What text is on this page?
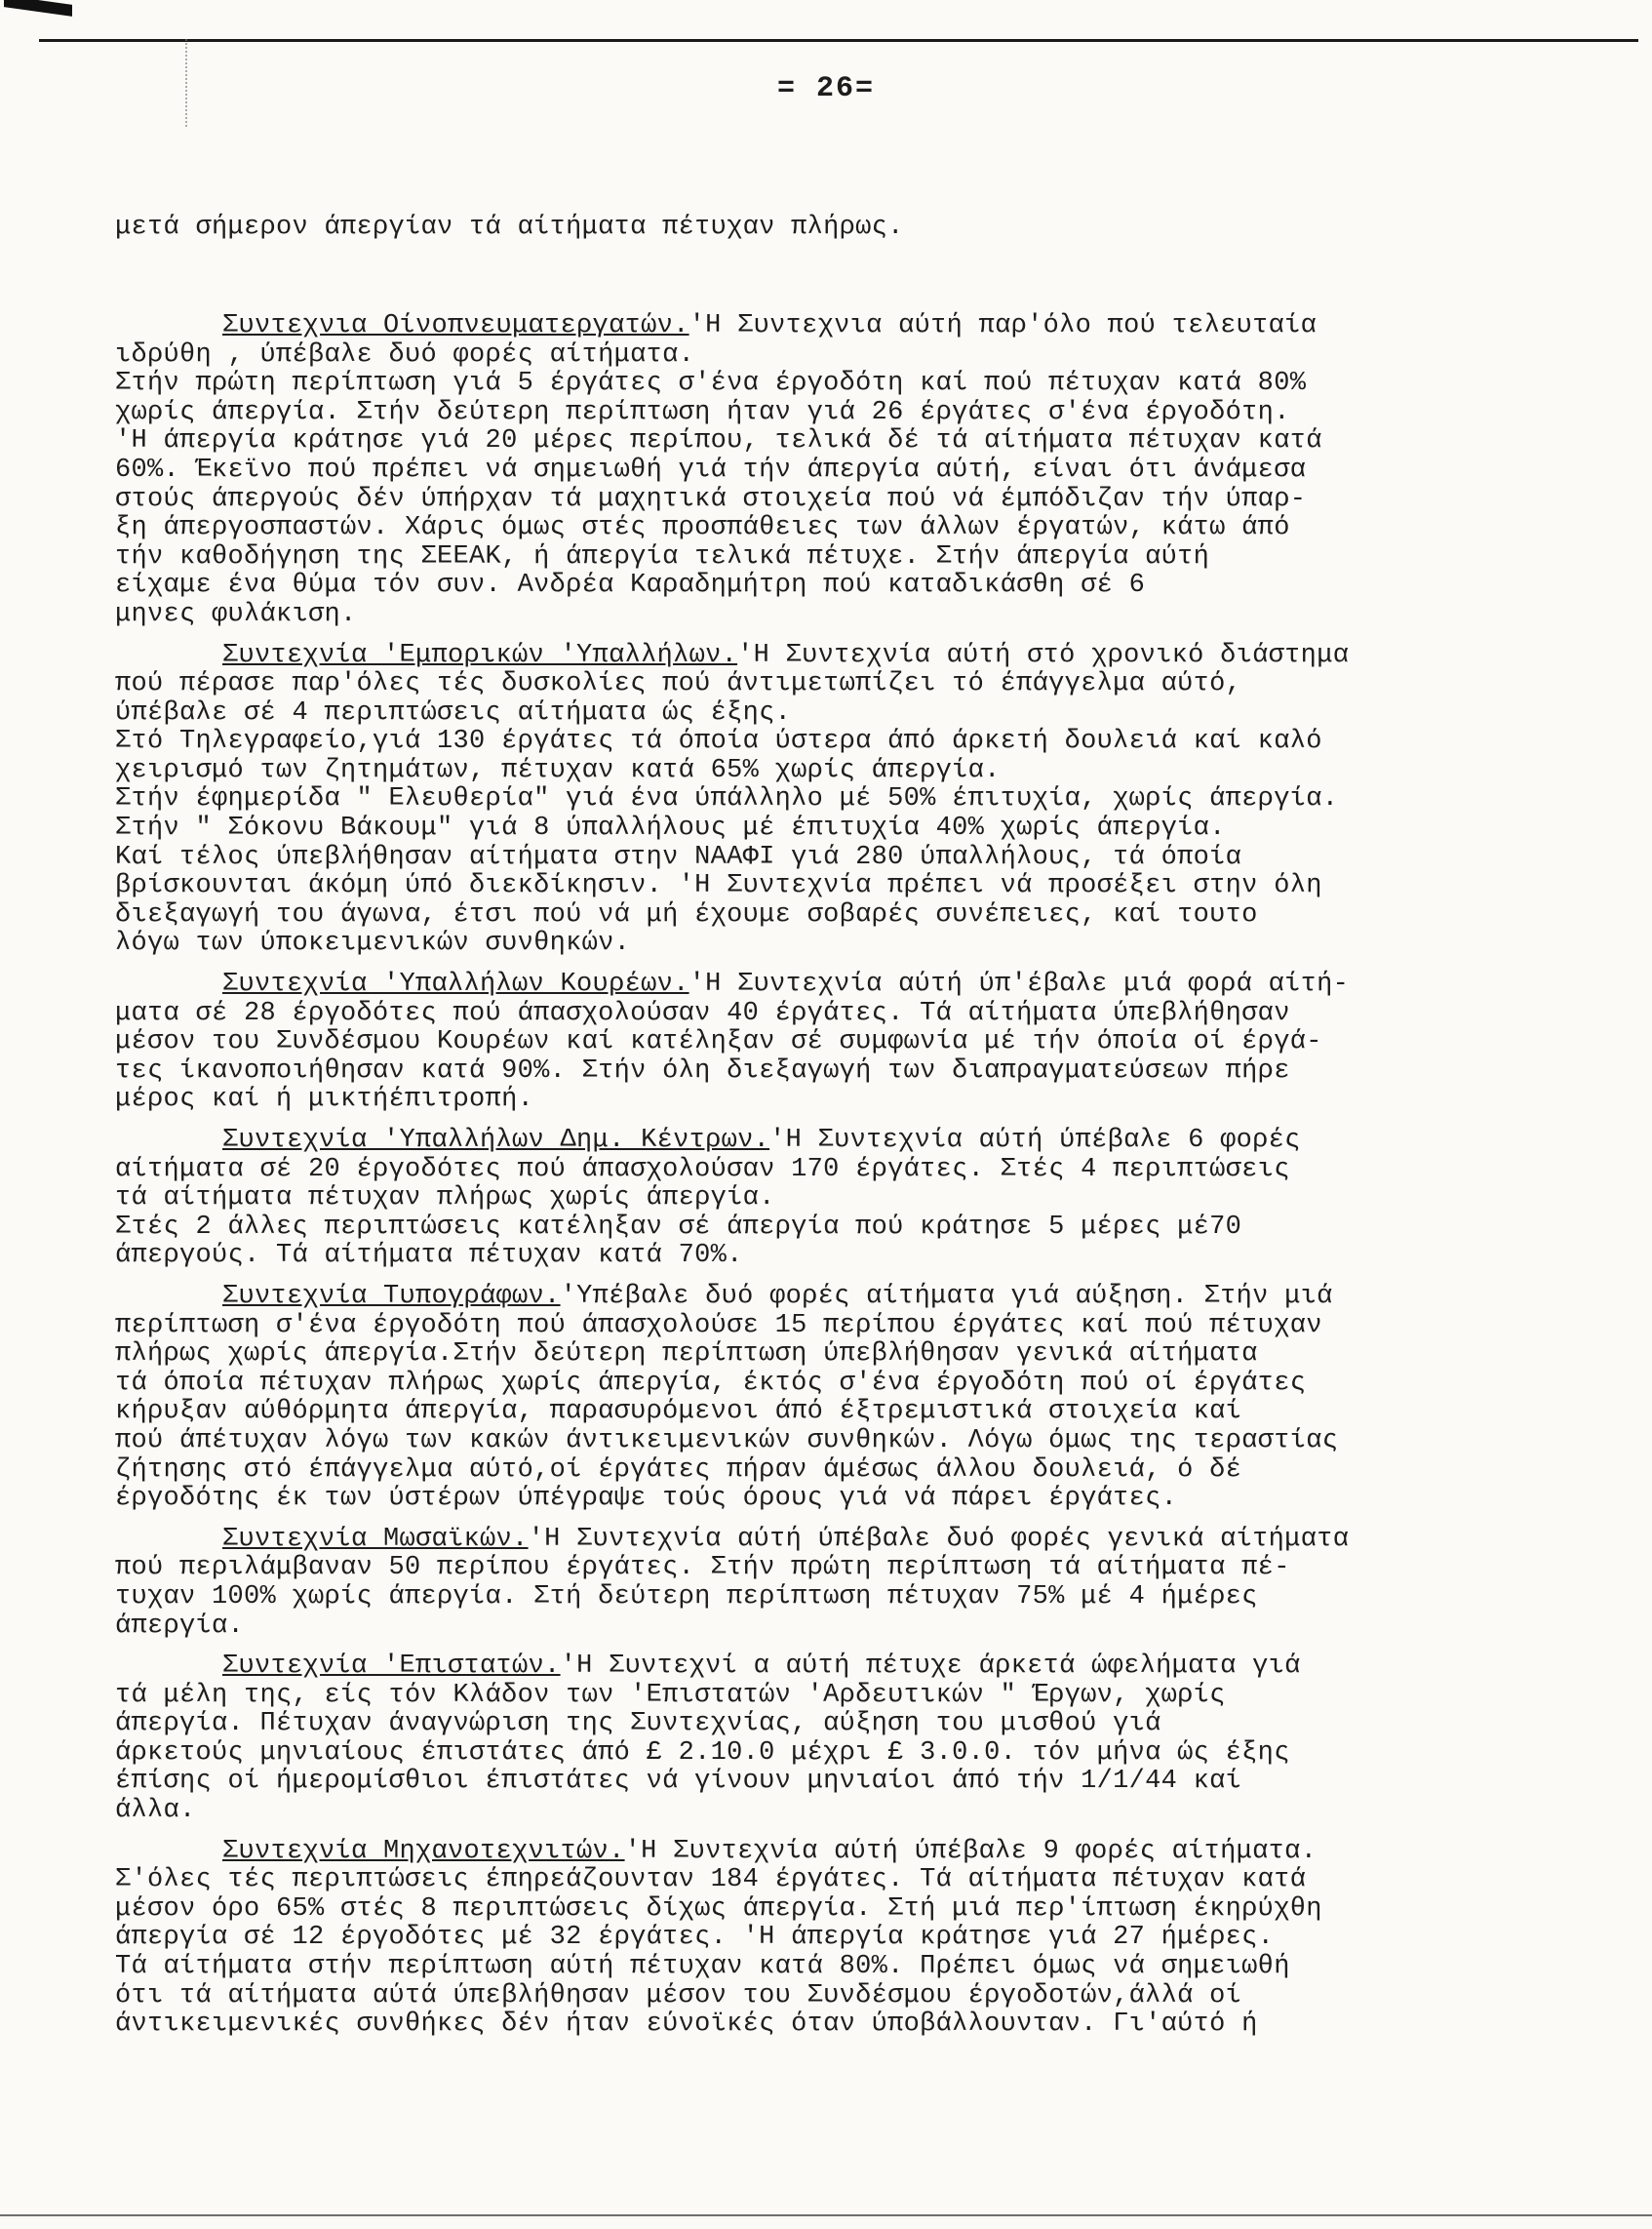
= 26=

μετά σήμερον άπεργίαν τά αίτήματα πέτυχαν πλήρως.

Συντεχνια Οίνοπνευματεργατών.'Η Συντεχνια αύτή παρ'όλο πού τελευταία
ιδρύθη , ύπέβαλε δυό φορές αίτήματα.
Στήν πρώτη περίπτωση γιά 5 έργάτες σ'ένα έργοδότη καί πού πέτυχαν κατά 80%
χωρίς άπεργία. Στήν δεύτερη περίπτωση ήταν γιά 26 έργάτες σ'ένα έργοδότη.
'Η άπεργία κράτησε γιά 20 μέρες περίπου, τελικά δέ τά αίτήματα πέτυχαν κατά
60%. Έκεϊνο πού πρέπει νά σημειωθή γιά τήν άπεργία αύτή, είναι ότι άνάμεσα
στούς άπεργούς δέν ύπήρχαν τά μαχητικά στοιχεία πού νά έμπόδιζαν τήν ύπαρ-
ξη άπεργοσπαστών. Χάρις όμως στές προσπάθειες των άλλων έργατών, κάτω άπό
τήν καθοδήγηση της ΣΕΕΑΚ, ή άπεργία τελικά πέτυχε. Στήν άπεργία αύτή
είχαμε ένα θύμα τόν συν. Ανδρέα Καραδημήτρη πού καταδικάσθη σέ 6
μηνες φυλάκιση.
Συντεχνία 'Εμπορικών 'Υπαλλήλων.'Η Συντεχνία αύτή στό χρονικό διάστημα
πού πέρασε παρ'όλες τές δυσκολίες πού άντιμετωπίζει τό έπάγγελμα αύτό,
ύπέβαλε σέ 4 περιπτώσεις αίτήματα ώς έξης.
Στό Τηλεγραφείο,γιά 130 έργάτες τά όποία ύστερα άπό άρκετή δουλειά καί καλό
χειρισμό των ζητημάτων, πέτυχαν κατά 65% χωρίς άπεργία.
Στήν έφημερίδα " Ελευθερία" γιά ένα ύπάλληλο μέ 50% έπιτυχία, χωρίς άπεργία.
Στήν " Σόκονυ Βάκουμ" γιά 8 ύπαλλήλους μέ έπιτυχία 40% χωρίς άπεργία.
Καί τέλος ύπεβλήθησαν αίτήματα στην ΝΑΑΦΙ γιά 280 ύπαλλήλους, τά όποία
βρίσκουνται άκόμη ύπό διεκδίκησιν. 'Η Συντεχνία πρέπει νά προσέξει στην όλη
διεξαγωγή του άγωνα, έτσι πού νά μή έχουμε σοβαρές συνέπειες, καί τουτο
λόγω των ύποκειμενικών συνθηκών.
Συντεχνία 'Υπαλλήλων Κουρέων.'Η Συντεχνία αύτή ύπ'έβαλε μιά φορά αίτή-
ματα σέ 28 έργοδότες πού άπασχολούσαν 40 έργάτες. Τά αίτήματα ύπεβλήθησαν
μέσον του Συνδέσμου Κουρέων καί κατέληξαν σέ συμφωνία μέ τήν όποία οί έργά-
τες ίκανοποιήθησαν κατά 90%. Στήν όλη διεξαγωγή των διαπραγματεύσεων πήρε
μέρος καί ή μικτήέπιτροπή.
Συντεχνία 'Υπαλλήλων Δημ. Κέντρων.'Η Συντεχνία αύτή ύπέβαλε 6 φορές
αίτήματα σέ 20 έργοδότες πού άπασχολούσαν 170 έργάτες. Στές 4 περιπτώσεις
τά αίτήματα πέτυχαν πλήρως χωρίς άπεργία.
Στές 2 άλλες περιπτώσεις κατέληξαν σέ άπεργία πού κράτησε 5 μέρες μέ70
άπεργούς. Τά αίτήματα πέτυχαν κατά 70%.
Συντεχνία Τυπογράφων.'Υπέβαλε δυό φορές αίτήματα γιά αύξηση. Στήν μιά
περίπτωση σ'ένα έργοδότη πού άπασχολούσε 15 περίπου έργάτες καί πού πέτυχαν
πλήρως χωρίς άπεργία.Στήν δεύτερη περίπτωση ύπεβλήθησαν γενικά αίτήματα
τά όποία πέτυχαν πλήρως χωρίς άπεργία, έκτός σ'ένα έργοδότη πού οί έργάτες
κήρυξαν αύθόρμητα άπεργία, παρασυρόμενοι άπό έξτρεμιστικά στοιχεία καί
πού άπέτυχαν λόγω των κακών άντικειμενικών συνθηκών. Λόγω όμως της τεραστίας
ζήτησης στό έπάγγελμα αύτό,οί έργάτες πήραν άμέσως άλλου δουλειά, ό δέ
έργοδότης έκ των ύστέρων ύπέγραψε τούς όρους γιά νά πάρει έργάτες.
Συντεχνία Μωσαϊκών.'Η Συντεχνία αύτή ύπέβαλε δυό φορές γενικά αίτήματα
πού περιλάμβαναν 50 περίπου έργάτες. Στήν πρώτη περίπτωση τά αίτήματα πέ-
τυχαν 100% χωρίς άπεργία. Στή δεύτερη περίπτωση πέτυχαν 75% μέ 4 ήμέρες
άπεργία.
Συντεχνία 'Επιστατών.'Η Συντεχνί α αύτή πέτυχε άρκετά ώφελήματα γιά
τά μέλη της, είς τόν Κλάδον των 'Επιστατών 'Αρδευτικών " Έργων, χωρίς
άπεργία. Πέτυχαν άναγνώριση της Συντεχνίας, αύξηση του μισθού γιά
άρκετούς μηνιαίους έπιστάτες άπό £ 2.10.0 μέχρι £ 3.0.0. τόν μήνα ώς έξης
έπίσης οί ήμερομίσθιοι έπιστάτες νά γίνουν μηνιαίοι άπό τήν 1/1/44 καί
άλλα.
Συντεχνία Μηχανοτεχνιτών.'Η Συντεχνία αύτή ύπέβαλε 9 φορές αίτήματα.
Σ'όλες τές περιπτώσεις έπηρεάζουνταν 184 έργάτες. Τά αίτήματα πέτυχαν κατά
μέσον όρο 65% στές 8 περιπτώσεις δίχως άπεργία. Στή μιά περ'ίπτωση έκηρύχθη
άπεργία σέ 12 έργοδότες μέ 32 έργάτες. 'Η άπεργία κράτησε γιά 27 ήμέρες.
Τά αίτήματα στήν περίπτωση αύτή πέτυχαν κατά 80%. Πρέπει όμως νά σημειωθή
ότι τά αίτήματα αύτά ύπεβλήθησαν μέσον του Συνδέσμου έργοδοτών,άλλά οί
άντικειμενικές συνθήκες δέν ήταν εύνοϊκές όταν ύποβάλλουνταν. Γι'αύτό ή
